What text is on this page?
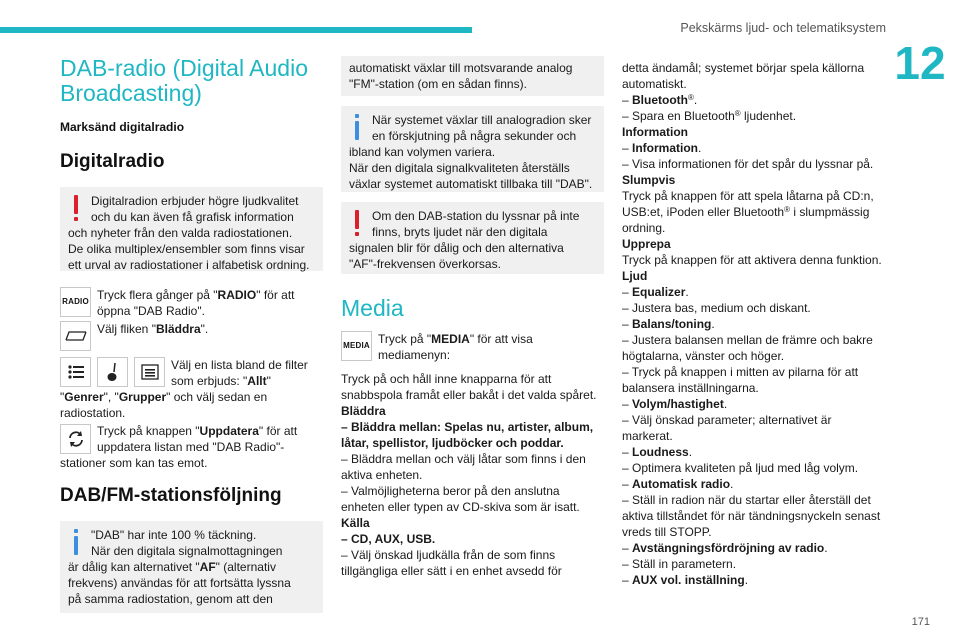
Pekskärms ljud- och telematiksystem
12
171
DAB-radio (Digital Audio
Broadcasting)
Marksänd digitalradio
Digitalradio
Digitalradion erbjuder högre ljudkvalitet
och du kan även få grafisk information
och nyheter från den valda radiostationen.
De olika multiplex/ensembler som finns visar
ett urval av radiostationer i alfabetisk ordning.
RADIO Tryck flera gånger på "RADIO" för att
öppna "DAB Radio".
Välj fliken "Bläddra".
Välj en lista bland de filter
som erbjuds: "Allt"
"Genrer", "Grupper" och välj sedan en
radiostation.
Tryck på knappen "Uppdatera" för att
uppdatera listan med "DAB Radio"-
stationer som kan tas emot.
DAB/FM-stationsföljning
"DAB" har inte 100 % täckning.
När den digitala signalmottagningen
är dålig kan alternativet "AF" (alternativ
frekvens) användas för att fortsätta lyssna
på samma radiostation, genom att den
automatiskt växlar till motsvarande analog
"FM"-station (om en sådan finns).
När systemet växlar till analogradion sker
en förskjutning på några sekunder och
ibland kan volymen variera.
När den digitala signalkvaliteten återställs
växlar systemet automatiskt tillbaka till "DAB".
Om den DAB-station du lyssnar på inte
finns, bryts ljudet när den digitala
signalen blir för dålig och den alternativa
"AF"-frekvensen överkorsas.
Media
MEDIA Tryck på "MEDIA" för att visa
mediamenyn:
Tryck på och håll inne knapparna för att
snabbspola framåt eller bakåt i det valda spåret.
Bläddra
– Bläddra mellan: Spelas nu, artister, album,
låtar, spellistor, ljudböcker och poddar.
– Bläddra mellan och välj låtar som finns i den
aktiva enheten.
– Valmöjligheterna beror på den anslutna
enheten eller typen av CD-skiva som är isatt.
Källa
– CD, AUX, USB.
– Välj önskad ljudkälla från de som finns
tillgängliga eller sätt i en enhet avsedd för
detta ändamål; systemet börjar spela källorna
automatiskt.
– Bluetooth®.
– Spara en Bluetooth® ljudenhet.
Information
– Information.
– Visa informationen för det spår du lyssnar på.
Slumpvis
Tryck på knappen för att spela låtarna på CD:n,
USB:et, iPoden eller Bluetooth® i slumpmässig
ordning.
Upprepa
Tryck på knappen för att aktivera denna funktion.
Ljud
– Equalizer.
– Justera bas, medium och diskant.
– Balans/toning.
– Justera balansen mellan de främre och bakre
högtalarna, vänster och höger.
– Tryck på knappen i mitten av pilarna för att
balansera inställningarna.
– Volym/hastighet.
– Välj önskad parameter; alternativet är
markerat.
– Loudness.
– Optimera kvaliteten på ljud med låg volym.
– Automatisk radio.
– Ställ in radion när du startar eller återställ det
aktiva tillståndet för när tändningsnyckeln senast
vreds till STOPP.
– Avstängningsfördröjning av radio.
– Ställ in parametern.
– AUX vol. inställning.
